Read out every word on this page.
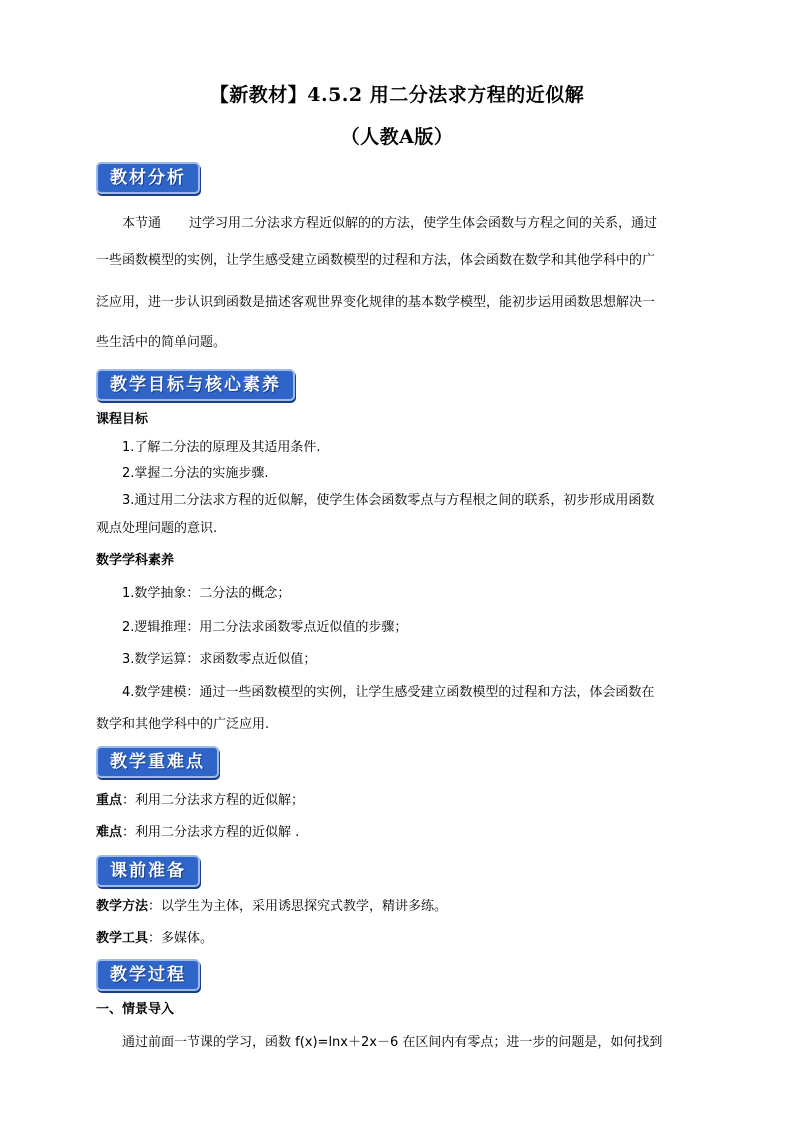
【新教材】4.5.2 用二分法求方程的近似解
（人教A版）
教材分析
本节通 过学习用二分法求方程近似解的的方法，使学生体会函数与方程之间的关系，通过
一些函数模型的实例，让学生感受建立函数模型的过程和方法，体会函数在数学和其他学科中的广
泛应用，进一步认识到函数是描述客观世界变化规律的基本数学模型，能初步运用函数思想解决一
些生活中的简单问题。
教学目标与核心素养
课程目标
1.了解二分法的原理及其适用条件.
2.掌握二分法的实施步骤.
3.通过用二分法求方程的近似解，使学生体会函数零点与方程根之间的联系，初步形成用函数
观点处理问题的意识.
数学学科素养
1.数学抽象：二分法的概念；
2.逻辑推理：用二分法求函数零点近似值的步骤；
3.数学运算：求函数零点近似值；
4.数学建模：通过一些函数模型的实例，让学生感受建立函数模型的过程和方法，体会函数在
数学和其他学科中的广泛应用.
教学重难点
重点：利用二分法求方程的近似解；
难点：利用二分法求方程的近似解 .
课前准备
教学方法：以学生为主体，采用诱思探究式教学，精讲多练。
教学工具：多媒体。
教学过程
一、情景导入
通过前面一节课的学习，函数 f(x)=lnx＋2x－6 在区间内有零点；进一步的问题是，如何找到
